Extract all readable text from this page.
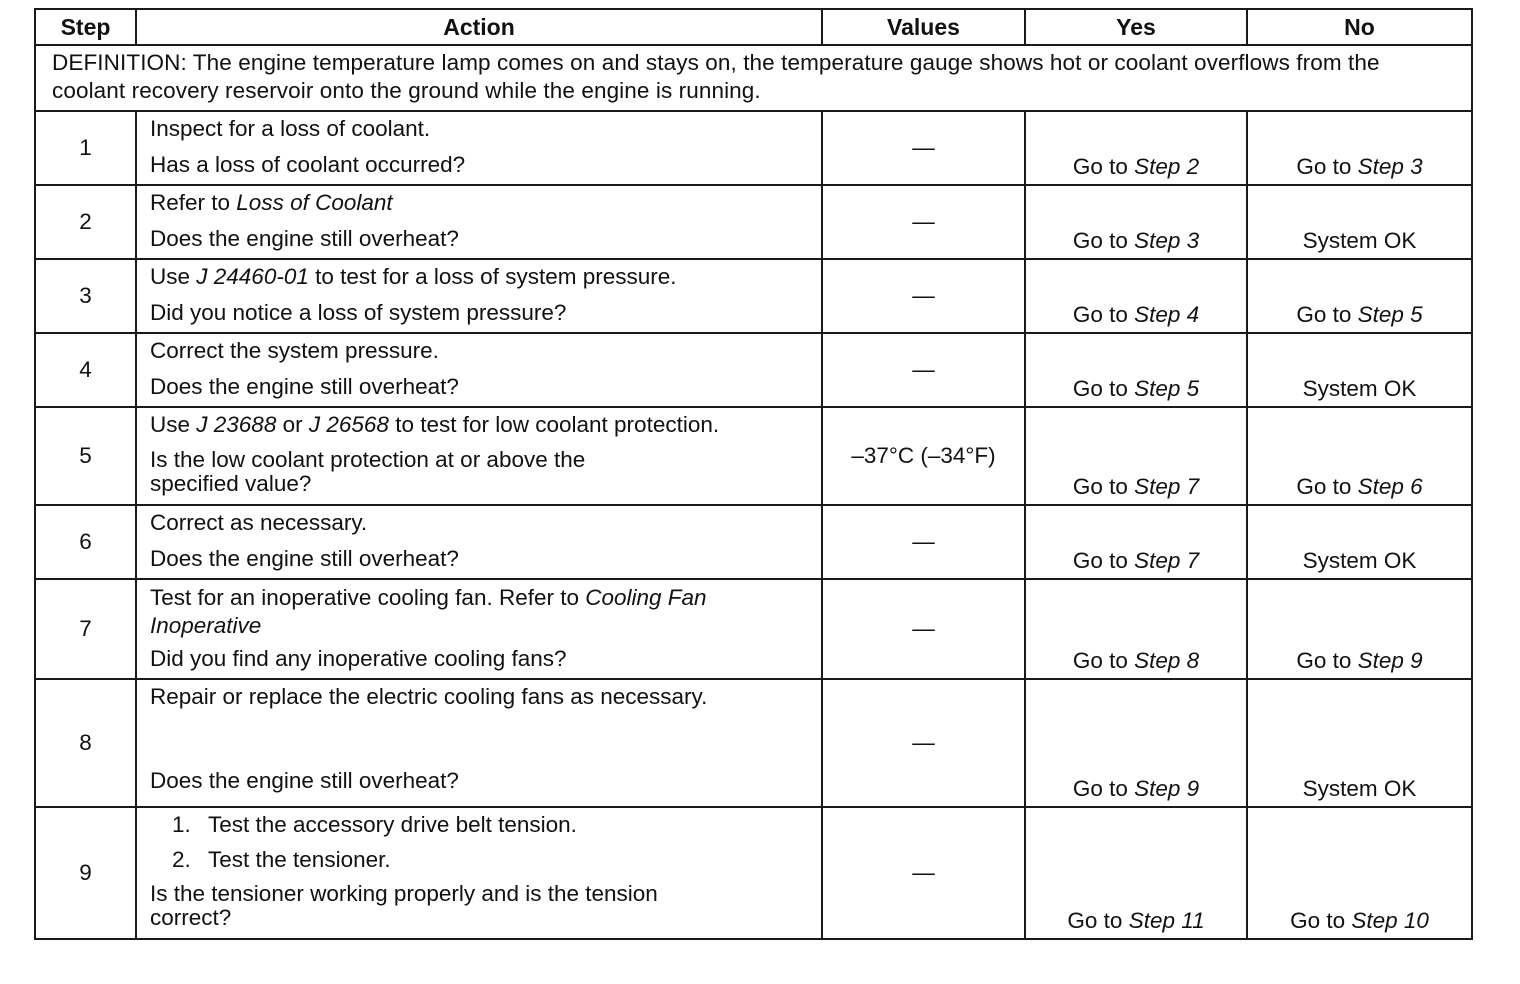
Step	Action	Values	Yes	No
DEFINITION: The engine temperature lamp comes on and stays on, the temperature gauge shows hot or coolant overflows from the coolant recovery reservoir onto the ground while the engine is running.				
1	Inspect for a loss of coolant.
Has a loss of coolant occurred?	—	Go to Step 2	Go to Step 3
2	Refer to Loss of Coolant
Does the engine still overheat?	—	Go to Step 3	System OK
3	Use J 24460-01 to test for a loss of system pressure.
Did you notice a loss of system pressure?	—	Go to Step 4	Go to Step 5
4	Correct the system pressure.
Does the engine still overheat?	—	Go to Step 5	System OK
5	Use J 23688 or J 26568 to test for low coolant protection.
Is the low coolant protection at or above the
specified value?	–37°C (–34°F)	Go to Step 7	Go to Step 6
6	Correct as necessary.
Does the engine still overheat?	—	Go to Step 7	System OK
7	Test for an inoperative cooling fan. Refer to Cooling Fan
Inoperative
Did you find any inoperative cooling fans?	—	Go to Step 8	Go to Step 9
8	Repair or replace the electric cooling fans as necessary.
Does the engine still overheat?	—	Go to Step 9	System OK
9	1. Test the accessory drive belt tension.
2. Test the tensioner.
Is the tensioner working properly and is the tension
correct?	—	Go to Step 11	Go to Step 10
